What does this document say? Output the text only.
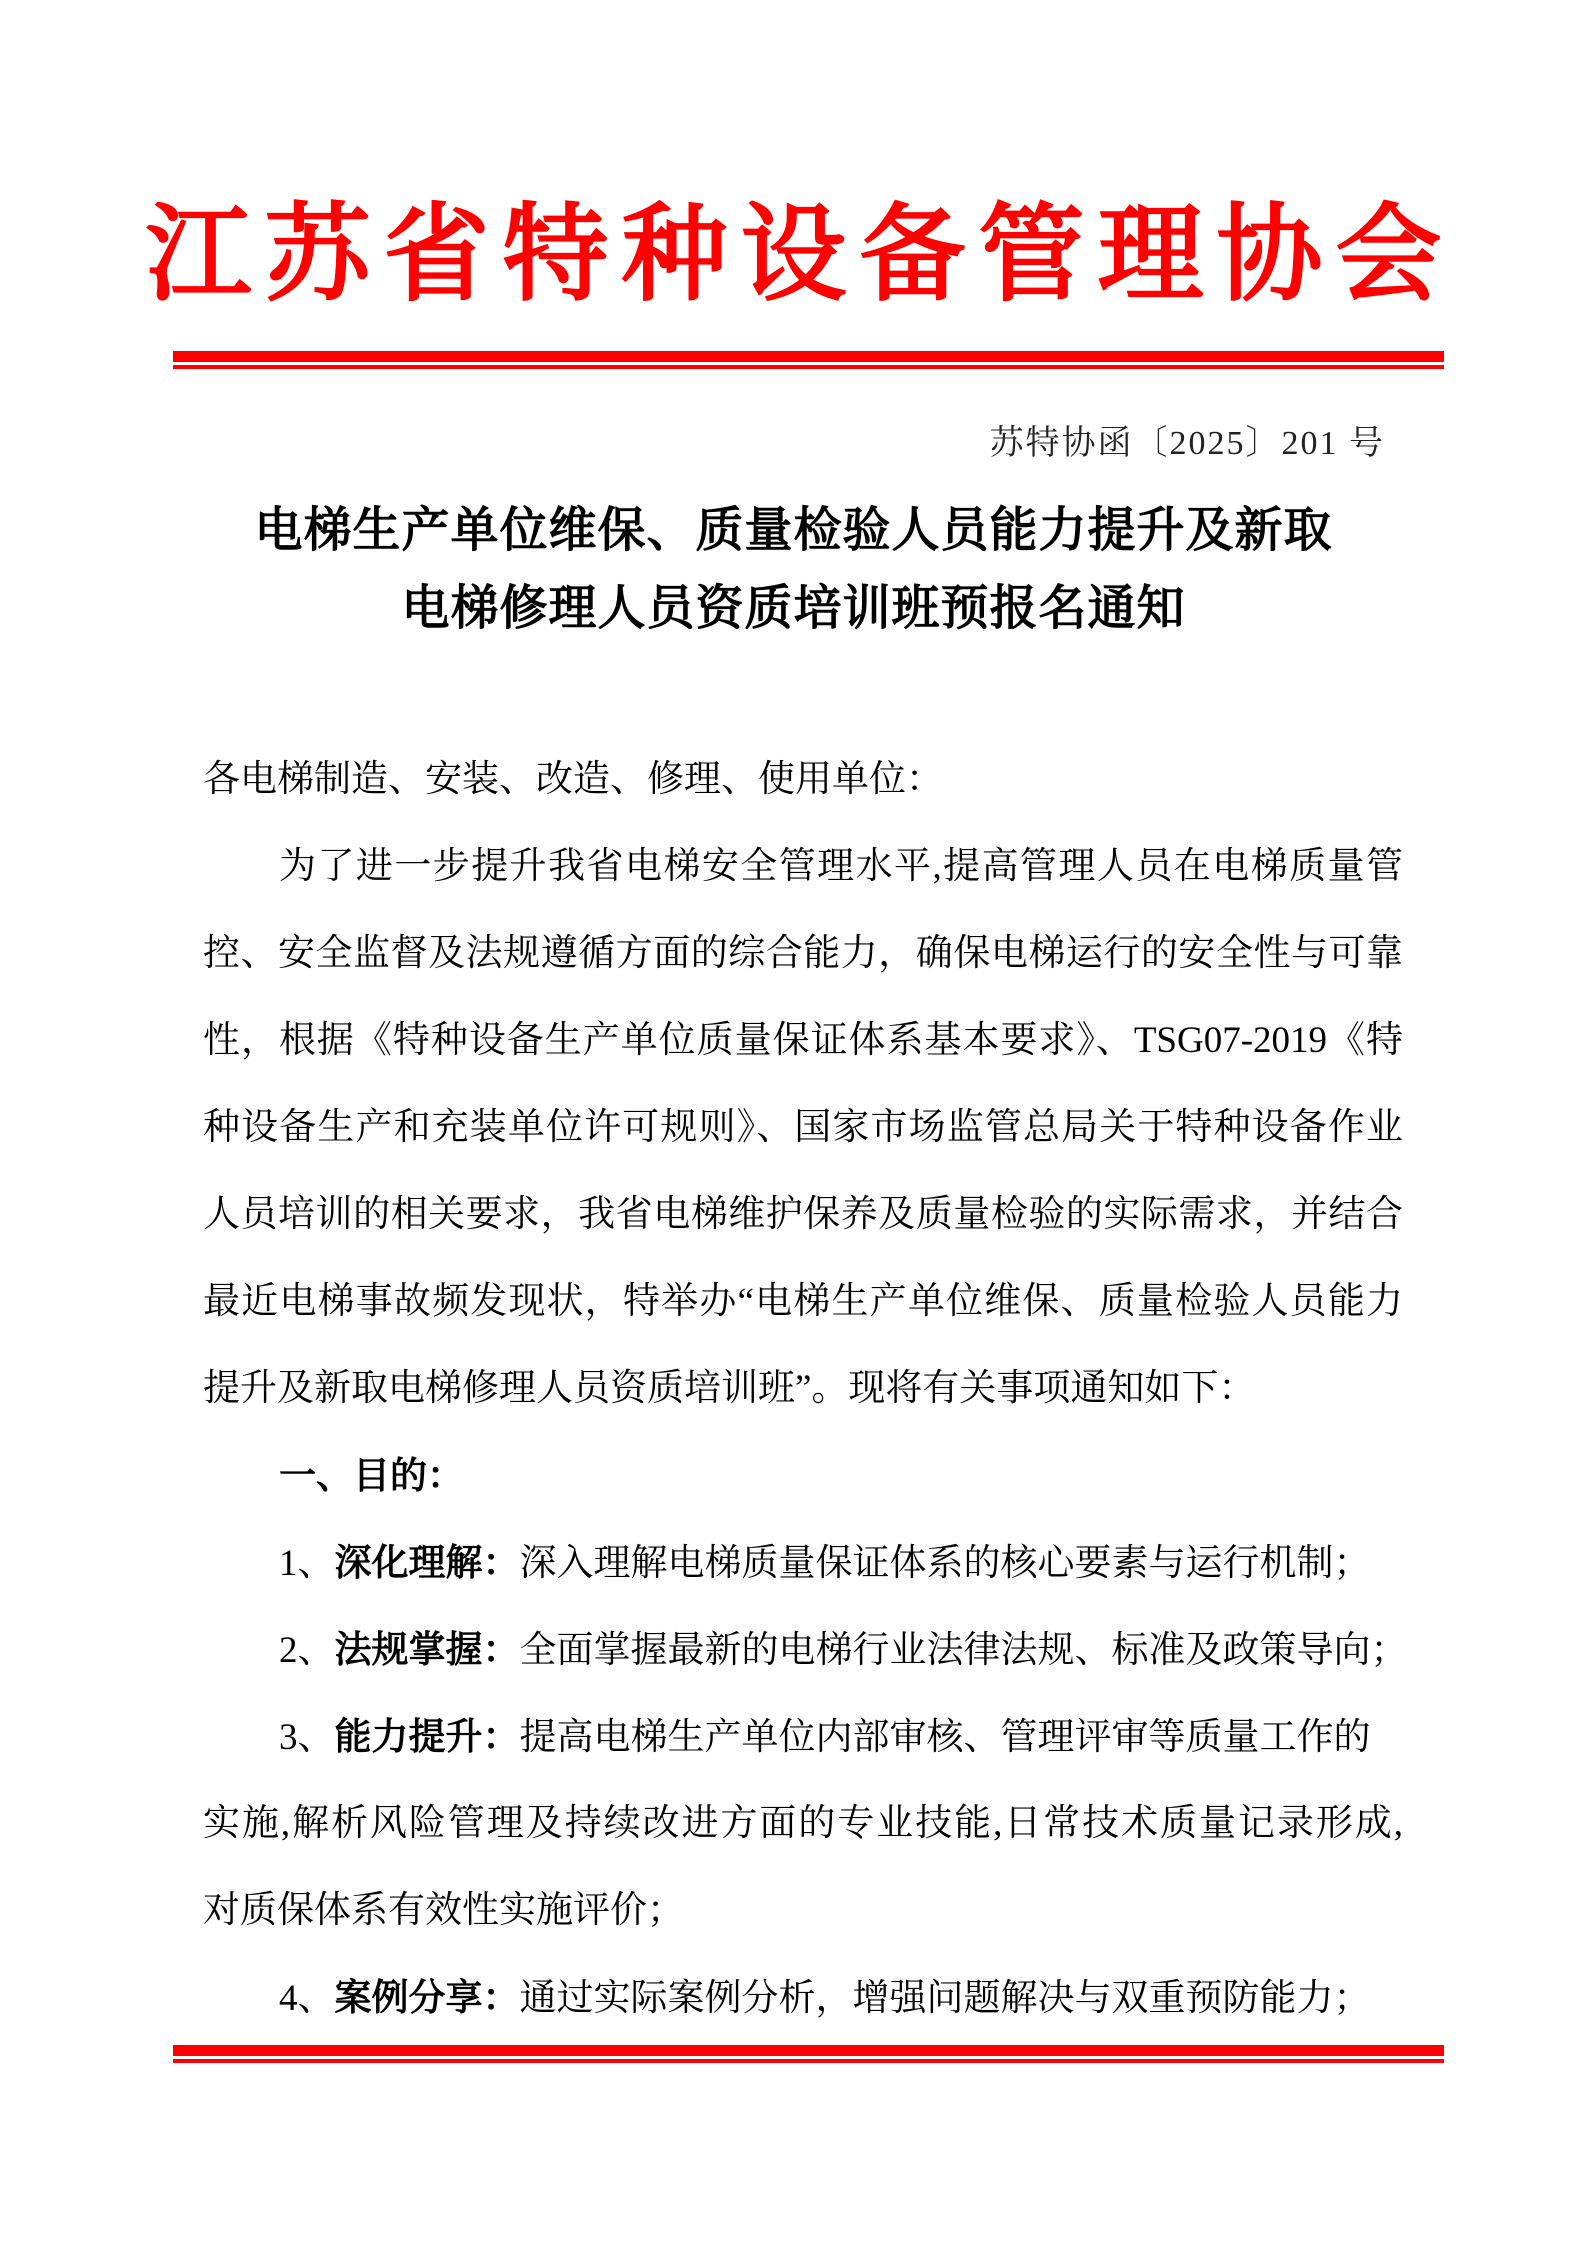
江苏省特种设备管理协会
苏特协函〔2025〕201 号
电梯生产单位维保、质量检验人员能力提升及新取
电梯修理人员资质培训班预报名通知
各电梯制造、安装、改造、修理、使用单位：
为了进一步提升我省电梯安全管理水平,提高管理人员在电梯质量管
控、安全监督及法规遵循方面的综合能力，确保电梯运行的安全性与可靠
性，根据《特种设备生产单位质量保证体系基本要求》、TSG07-2019《特
种设备生产和充装单位许可规则》、国家市场监管总局关于特种设备作业
人员培训的相关要求，我省电梯维护保养及质量检验的实际需求，并结合
最近电梯事故频发现状，特举办“电梯生产单位维保、质量检验人员能力
提升及新取电梯修理人员资质培训班”。现将有关事项通知如下：
一、目的：
1、深化理解：深入理解电梯质量保证体系的核心要素与运行机制；
2、法规掌握：全面掌握最新的电梯行业法律法规、标准及政策导向；
3、能力提升：提高电梯生产单位内部审核、管理评审等质量工作的
实施,解析风险管理及持续改进方面的专业技能,日常技术质量记录形成,
对质保体系有效性实施评价；
4、案例分享：通过实际案例分析，增强问题解决与双重预防能力；
